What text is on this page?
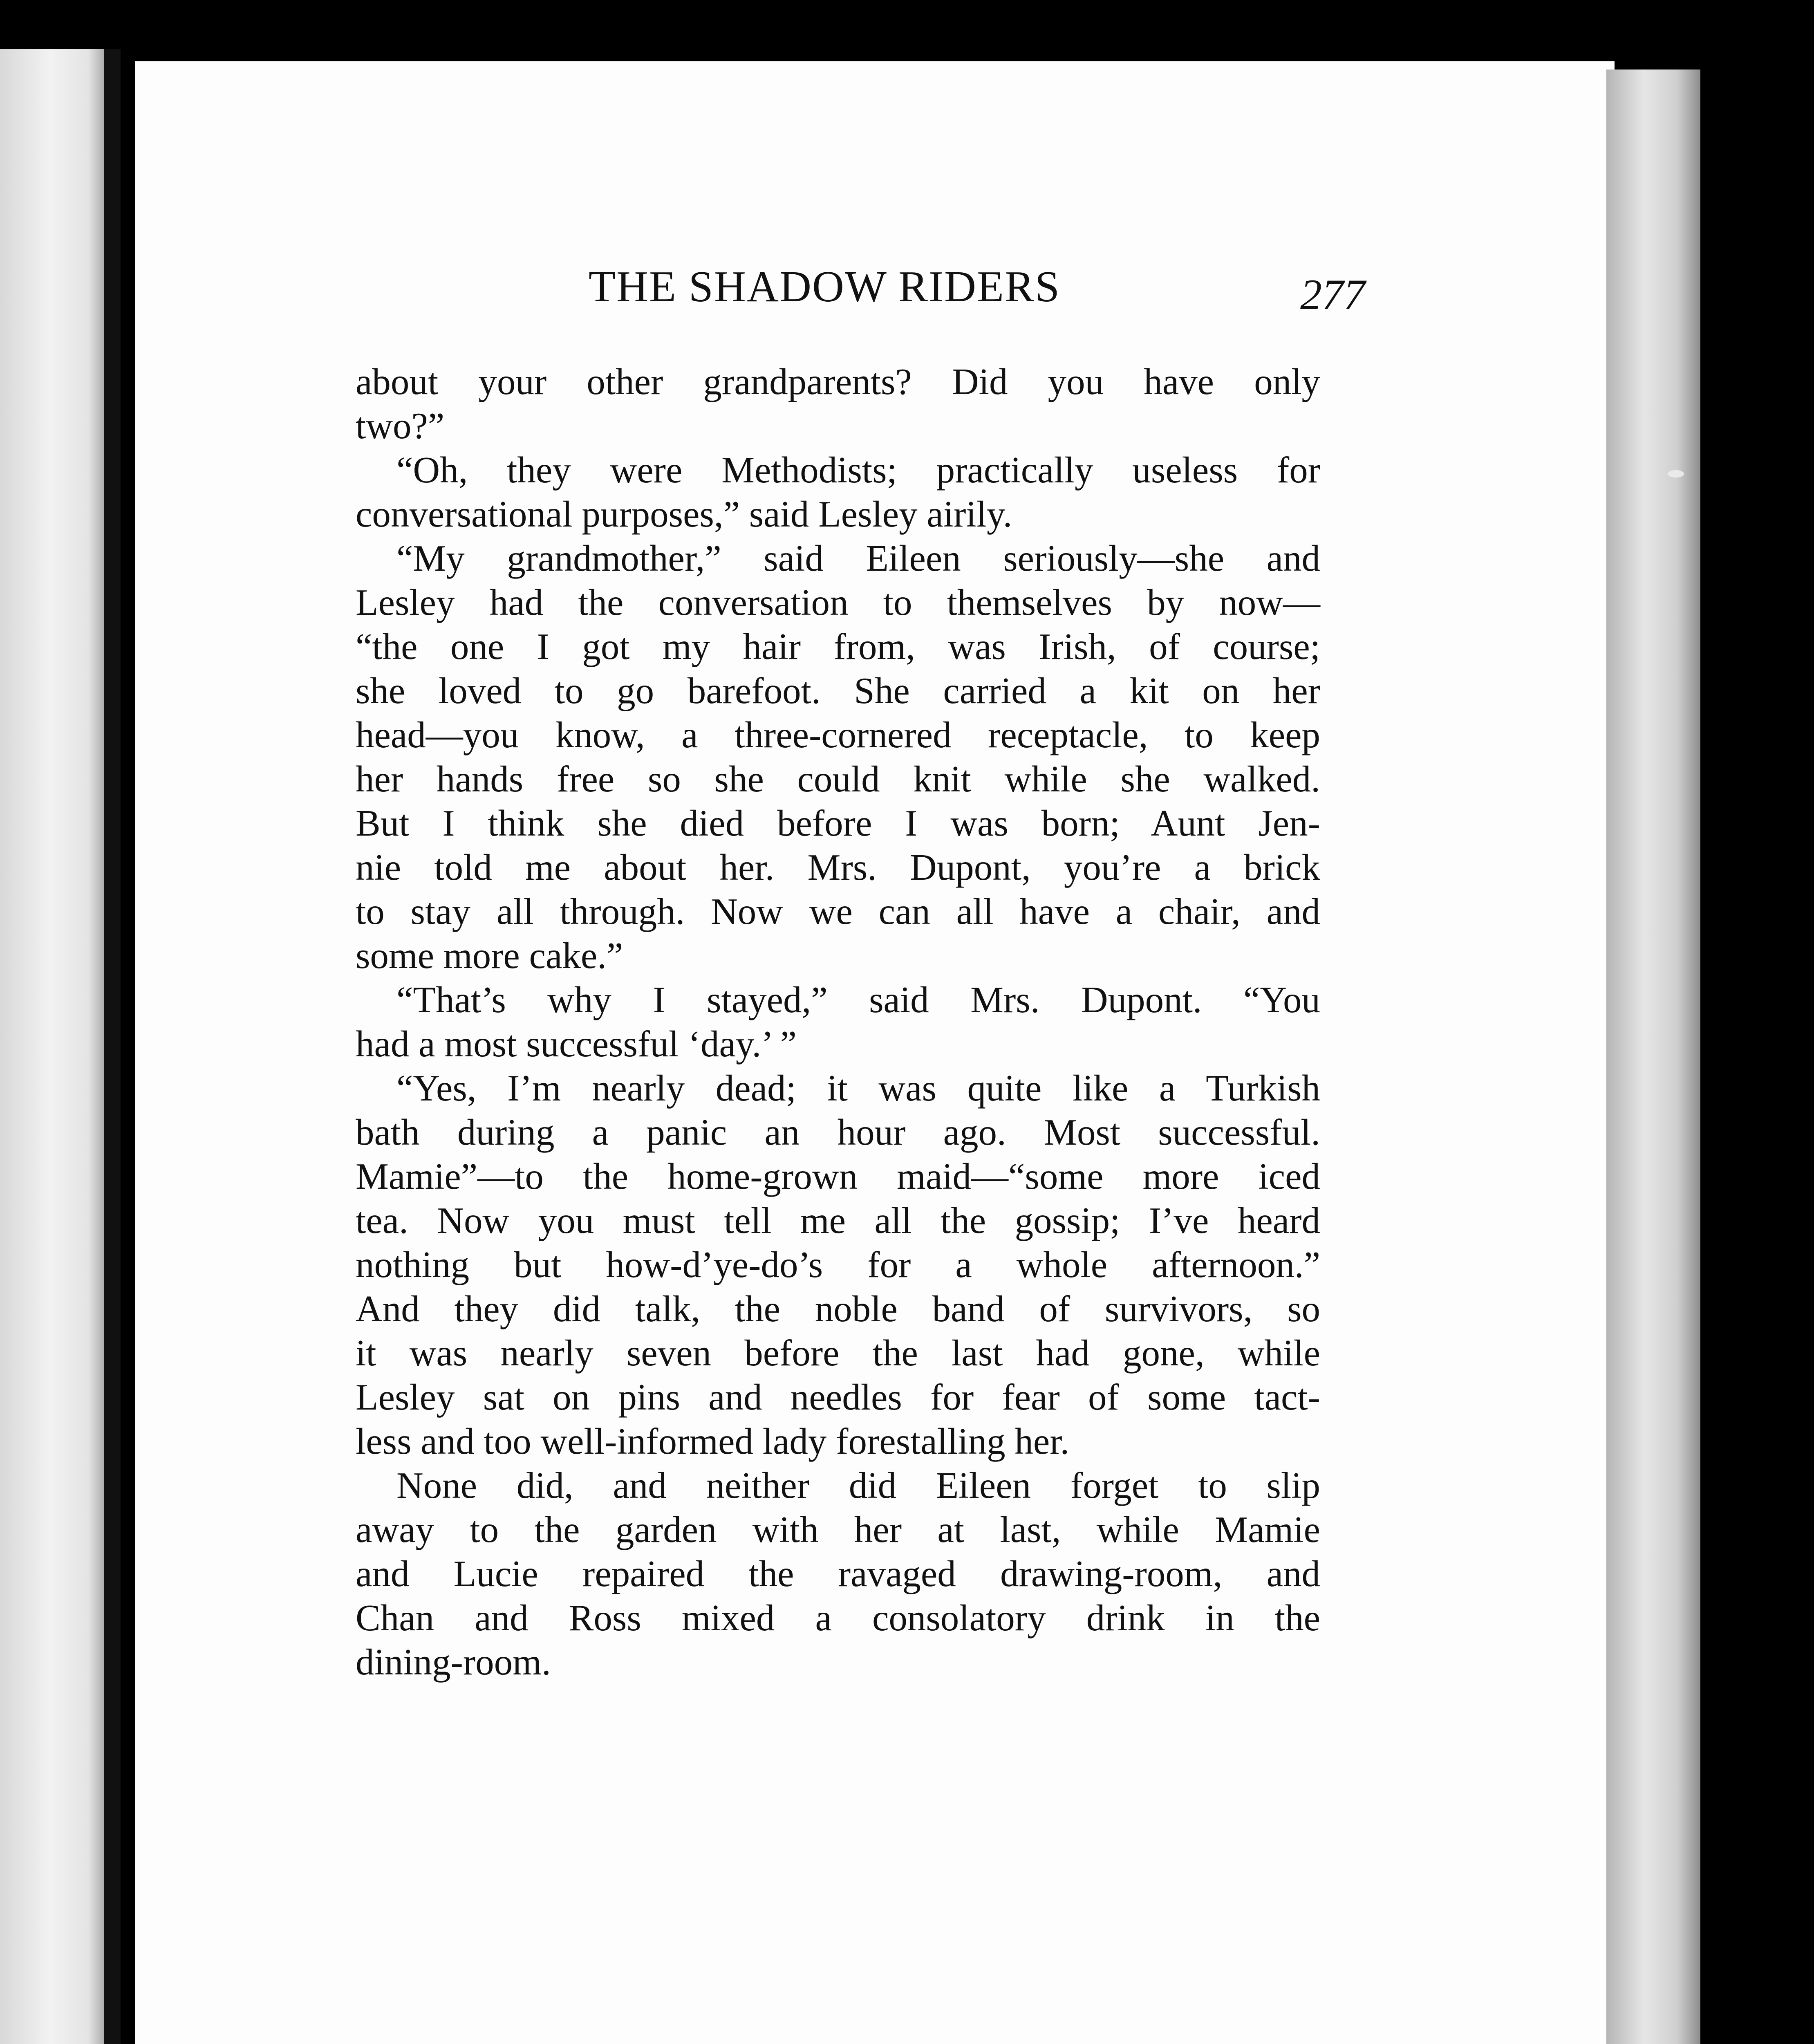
THE SHADOW RIDERS	277
about your other grandparents? Did you have only
two?”
“Oh, they were Methodists; practically useless for
conversational purposes,” said Lesley airily.
“My grandmother,” said Eileen seriously—she and
Lesley had the conversation to themselves by now—
“the one I got my hair from, was Irish, of course;
she loved to go barefoot. She carried a kit on her
head—you know, a three-cornered receptacle, to keep
her hands free so she could knit while she walked.
But I think she died before I was born; Aunt Jen-
nie told me about her. Mrs. Dupont, you’re a brick
to stay all through. Now we can all have a chair, and
some more cake.”
“That’s why I stayed,” said Mrs. Dupont. “You
had a most successful ‘day.’ ”
“Yes, I’m nearly dead; it was quite like a Turkish
bath during a panic an hour ago. Most successful.
Mamie”—to the home-grown maid—“some more iced
tea. Now you must tell me all the gossip; I’ve heard
nothing but how-d’ye-do’s for a whole afternoon.”
And they did talk, the noble band of survivors, so
it was nearly seven before the last had gone, while
Lesley sat on pins and needles for fear of some tact-
less and too well-informed lady forestalling her.
None did, and neither did Eileen forget to slip
away to the garden with her at last, while Mamie
and Lucie repaired the ravaged drawing-room, and
Chan and Ross mixed a consolatory drink in the
dining-room.
